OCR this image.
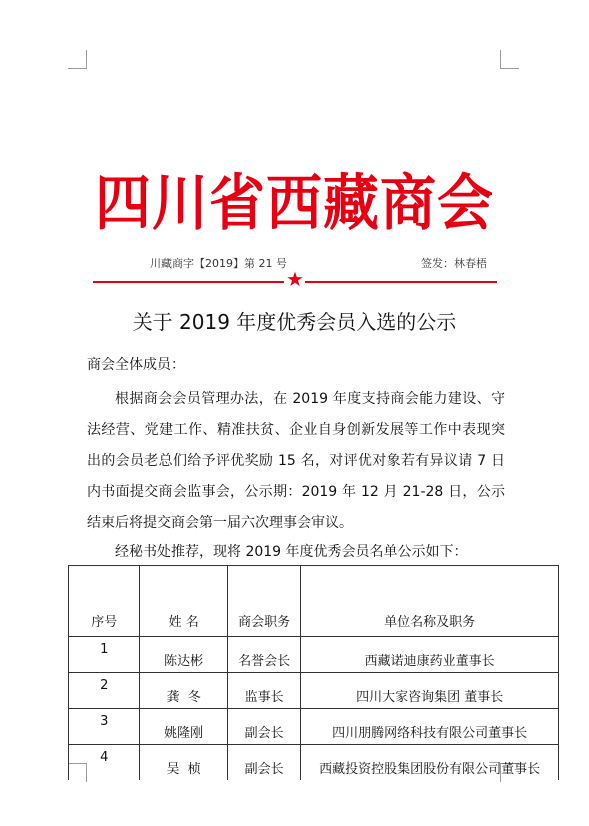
四川省西藏商会
川藏商字【2019】第 21 号	签发：林春梧
★
关于 2019 年度优秀会员入选的公示
商会全体成员：
根据商会会员管理办法，在 2019 年度支持商会能力建设、守法经营、党建工作、精准扶贫、企业自身创新发展等工作中表现突出的会员老总们给予评优奖励 15 名，对评优对象若有异议请 7 日内书面提交商会监事会，公示期：2019 年 12 月 21-28 日，公示结束后将提交商会第一届六次理事会审议。
经秘书处推荐，现将 2019 年度优秀会员名单公示如下：
序号	姓 名	商会职务	单位名称及职务
1	陈达彬	名誉会长	西藏诺迪康药业董事长
2	龚  冬	监事长	四川大家咨询集团 董事长
3	姚隆刚	副会长	四川朋腾网络科技有限公司董事长
4	吴  桢	副会长	西藏投资控股集团股份有限公司董事长
